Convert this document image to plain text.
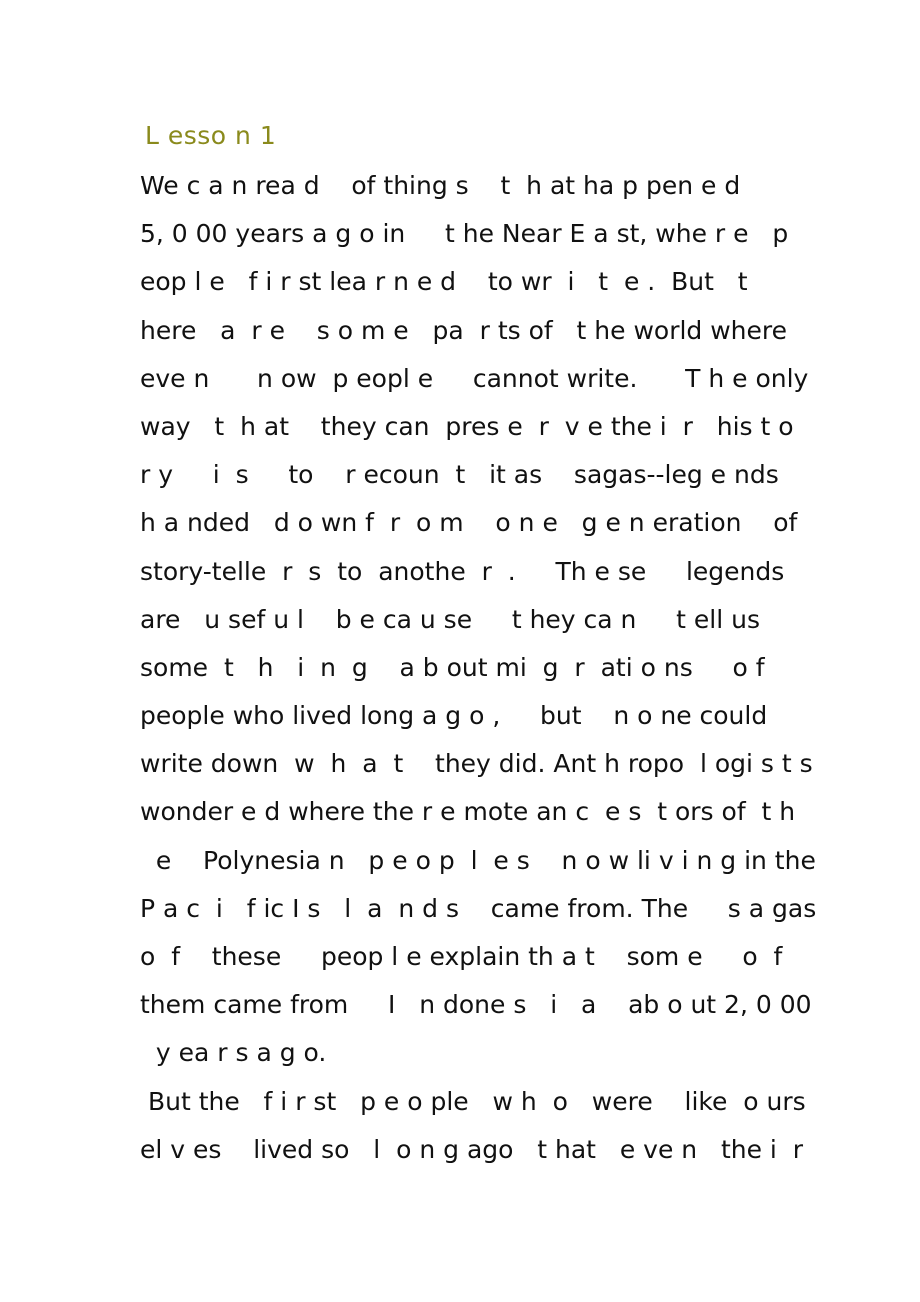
L esso n 1
We c a n rea d    of thing s    t  h at ha p pen e d
5, 0 00 years a g o in     t he Near E a st, whe r e   p
eop l e   f i r st lea r n e d    to wr  i   t  e .  But   t
here   a  r e    s o m e   pa  r ts of   t he world where
eve n      n ow  p eopl e     cannot write.      T h e only
way   t  h at    they can  pres e  r  v e the i  r   his t o
r y     i  s     to    r ecoun  t   it as    sagas--leg e nds
h a nded   d o wn f  r  o m    o n e   g e n eration    of
story-telle  r  s  to  anothe  r  .     Th e se     legends
are   u sef u l    b e ca u se     t hey ca n     t ell us
some  t   h   i  n  g    a b out mi  g  r  ati o ns     o f
people who lived long a g o ,     but    n o ne could
write down  w  h  a  t    they did. Ant h ropo  l ogi s t s
wonder e d where the r e mote an c  e s  t ors of  t h
e    Polynesia n   p e o p  l  e s    n o w li v i n g in the
P a c  i   f ic I s   l  a  n d s    came from. The     s a gas
o  f    these     peop l e explain th a t    som e     o  f
them came from     I   n done s   i   a    ab o ut 2, 0 00
y ea r s a g o.
But the   f i r st   p e o ple   w h  o   were    like  o urs
el v es    lived so   l  o n g ago   t hat   e ve n   the i  r
